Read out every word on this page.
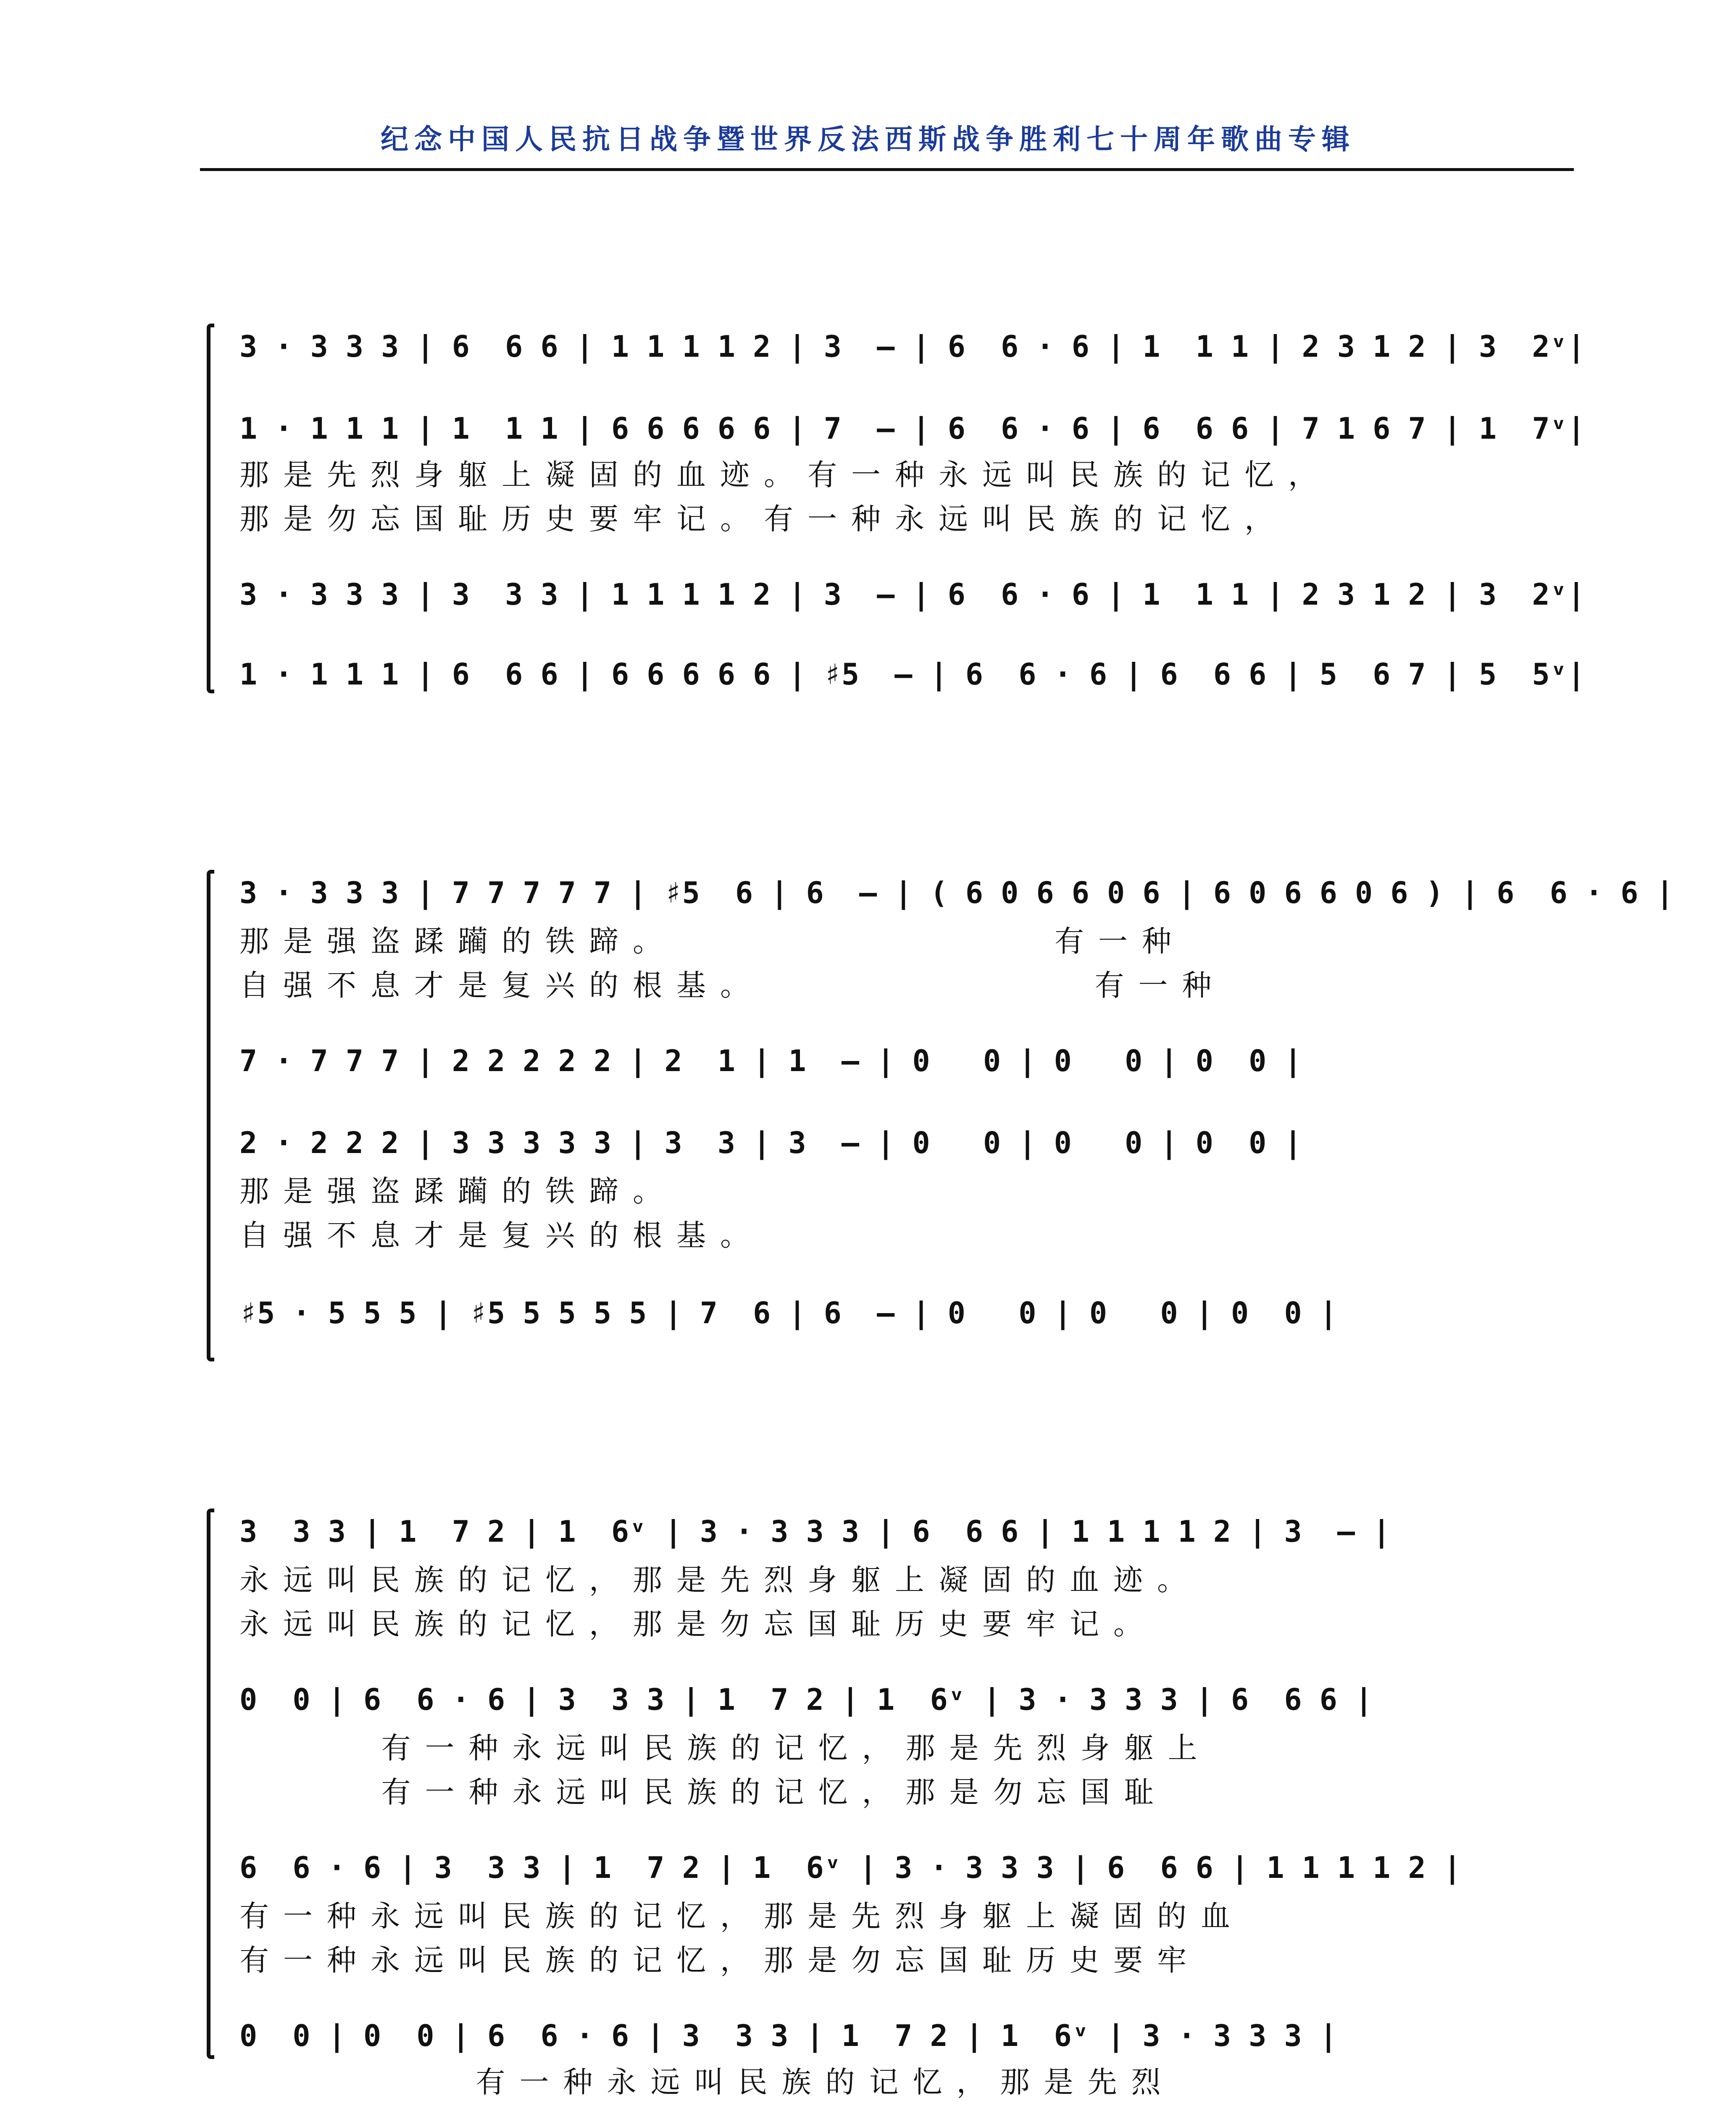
纪念中国人民抗日战争暨世界反法西斯战争胜利七十周年歌曲专辑
3 · 3 3 3 | 6  6 6 | 1 1 1 1 2 | 3  – | 6  6 · 6 | 1  1 1 | 2 3 1 2 | 3  2ᵛ|
1 · 1 1 1 | 1  1 1 | 6 6 6 6 6 | 7  – | 6  6 · 6 | 6  6 6 | 7 1 6 7 | 1  7ᵛ|
那是先烈身躯上凝固的血迹。有一种永远叫民族的记忆，
那是勿忘国耻历史要牢记。有一种永远叫民族的记忆，
3 · 3 3 3 | 3  3 3 | 1 1 1 1 2 | 3  – | 6  6 · 6 | 1  1 1 | 2 3 1 2 | 3  2ᵛ|
1 · 1 1 1 | 6  6 6 | 6 6 6 6 6 | ♯5  – | 6  6 · 6 | 6  6 6 | 5  6 7 | 5  5ᵛ|
3 · 3 3 3 | 7 7 7 7 7 | ♯5  6 | 6  – | ( 6 0 6 6 0 6 | 6 0 6 6 0 6 ) | 6  6 · 6 |
那是强盗蹂躏的铁蹄。                有一种
自强不息才是复兴的根基。              有一种
7 · 7 7 7 | 2 2 2 2 2 | 2  1 | 1  – | 0   0 | 0   0 | 0  0 |
2 · 2 2 2 | 3 3 3 3 3 | 3  3 | 3  – | 0   0 | 0   0 | 0  0 |
那是强盗蹂躏的铁蹄。
自强不息才是复兴的根基。
♯5 · 5 5 5 | ♯5 5 5 5 5 | 7  6 | 6  – | 0   0 | 0   0 | 0  0 |
3  3 3 | 1  7 2 | 1  6ᵛ | 3 · 3 3 3 | 6  6 6 | 1 1 1 1 2 | 3  – |
永远叫民族的记忆，那是先烈身躯上凝固的血迹。
永远叫民族的记忆，那是勿忘国耻历史要牢记。
0  0 | 6  6 · 6 | 3  3 3 | 1  7 2 | 1  6ᵛ | 3 · 3 3 3 | 6  6 6 |
有一种永远叫民族的记忆，那是先烈身躯上
有一种永远叫民族的记忆，那是勿忘国耻
6  6 · 6 | 3  3 3 | 1  7 2 | 1  6ᵛ | 3 · 3 3 3 | 6  6 6 | 1 1 1 1 2 |
有一种永远叫民族的记忆，那是先烈身躯上凝固的血
有一种永远叫民族的记忆，那是勿忘国耻历史要牢
0  0 | 0  0 | 6  6 · 6 | 3  3 3 | 1  7 2 | 1  6ᵛ | 3 · 3 3 3 |
有一种永远叫民族的记忆，那是先烈
